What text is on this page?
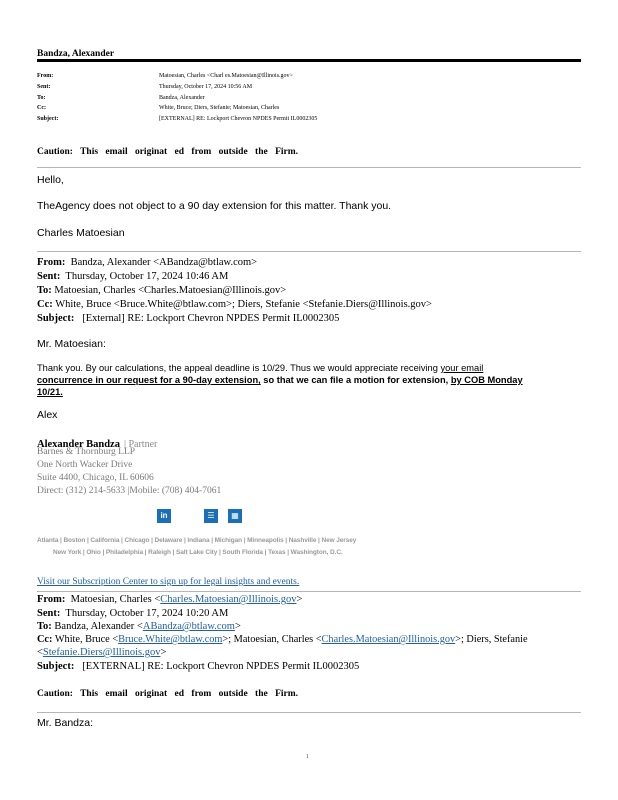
Bandza, Alexander
From:	Matoesian, Charles <Charl es.Matoesian@Illinois.gov>
Sent:	Thursday, October 17, 2024 10:56 AM
To:	Bandza, Alexander
Cc:	White, Bruce; Diers, Stefanie; Matoesian, Charles
Subject:	[EXTERNAL] RE: Lockport Chevron NPDES Permit IL0002305
Caution: This email originat ed from outside the Firm.
Hello,
TheAgency does not object to a 90 day extension for this matter. Thank you.
Charles Matoesian
From: Bandza, Alexander <ABandza@btlaw.com>
Sent: Thursday, October 17, 2024 10:46 AM
To: Matoesian, Charles <Charles.Matoesian@Illinois.gov>
Cc: White, Bruce <Bruce.White@btlaw.com>; Diers, Stefanie <Stefanie.Diers@Illinois.gov>
Subject: [External] RE: Lockport Chevron NPDES Permit IL0002305
Mr. Matoesian:
Thank you. By our calculations, the appeal deadline is 10/29. Thus we would appreciate receiving your email
concurrence in our request for a 90-day extension, so that we can file a motion for extension, by COB Monday
10/21.
Alex
Alexander Bandza | Partner
Barnes & Thornburg LLP
One North Wacker Drive
Suite 4400, Chicago, IL 60606
Direct: (312) 214-5633 |Mobile: (708) 404-7061
in	☰	▦
Atlanta | Boston | California | Chicago | Delaware | Indiana | Michigan | Minneapolis | Nashville | New Jersey
New York | Ohio | Philadelphia | Raleigh | Salt Lake City | South Florida | Texas | Washington, D.C.
Visit our Subscription Center to sign up for legal insights and events.
From: Matoesian, Charles <Charles.Matoesian@Illinois.gov>
Sent: Thursday, October 17, 2024 10:20 AM
To: Bandza, Alexander <ABandza@btlaw.com>
Cc: White, Bruce <Bruce.White@btlaw.com>; Matoesian, Charles <Charles.Matoesian@Illinois.gov>; Diers, Stefanie
<Stefanie.Diers@Illinois.gov>
Subject: [EXTERNAL] RE: Lockport Chevron NPDES Permit IL0002305
Caution: This email originat ed from outside the Firm.
Mr. Bandza:
1
